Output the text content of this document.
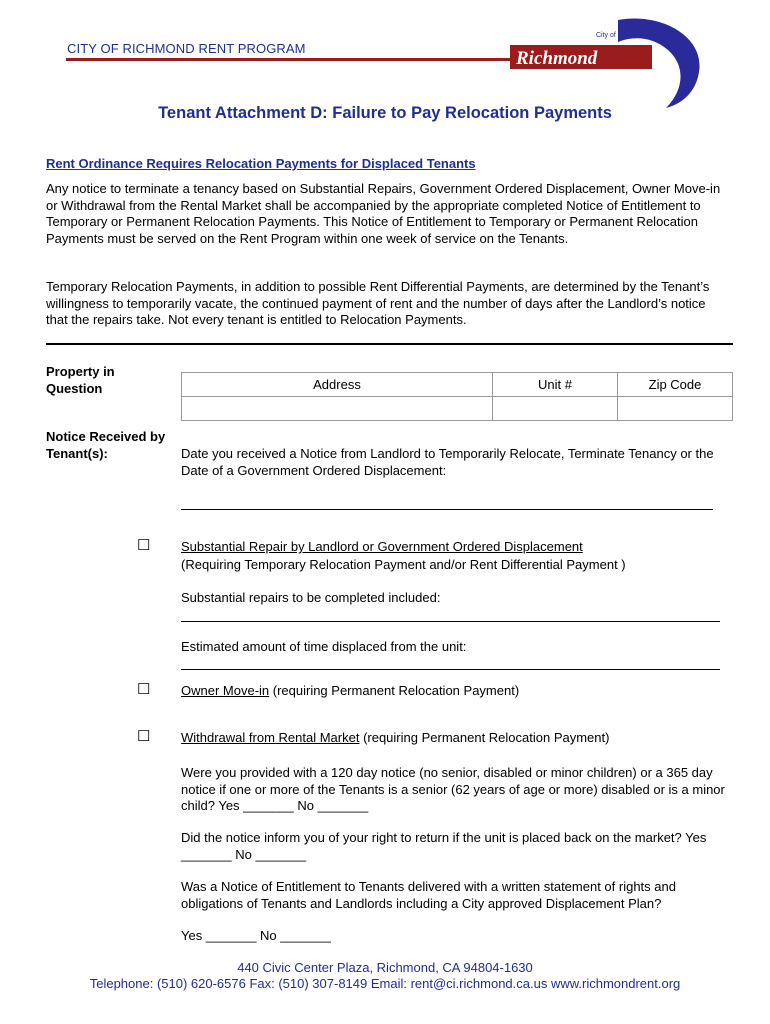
CITY OF RICHMOND RENT PROGRAM
City of
Richmond
Tenant Attachment D: Failure to Pay Relocation Payments
Rent Ordinance Requires Relocation Payments for Displaced Tenants
Any notice to terminate a tenancy based on Substantial Repairs, Government Ordered Displacement, Owner Move-in or Withdrawal from the Rental Market shall be accompanied by the appropriate completed Notice of Entitlement to Temporary or Permanent Relocation Payments. This Notice of Entitlement to Temporary or Permanent Relocation Payments must be served on the Rent Program within one week of service on the Tenants.
Temporary Relocation Payments, in addition to possible Rent Differential Payments, are determined by the Tenant’s willingness to temporarily vacate, the continued payment of rent and the number of days after the Landlord’s notice that the repairs take. Not every tenant is entitled to Relocation Payments.
Property in Question	Address	Unit #	Zip Code

Notice Received by Tenant(s):	Date you received a Notice from Landlord to Temporarily Relocate, Terminate Tenancy or the Date of a Government Ordered Displacement:
☐ Substantial Repair by Landlord or Government Ordered Displacement
(Requiring Temporary Relocation Payment and/or Rent Differential Payment )
Substantial repairs to be completed included:
Estimated amount of time displaced from the unit:
☐ Owner Move-in (requiring Permanent Relocation Payment)
☐ Withdrawal from Rental Market (requiring Permanent Relocation Payment)
Were you provided with a 120 day notice (no senior, disabled or minor children) or a 365 day notice if one or more of the Tenants is a senior (62 years of age or more) disabled or is a minor child? Yes _______ No _______
Did the notice inform you of your right to return if the unit is placed back on the market? Yes _______ No _______
Was a Notice of Entitlement to Tenants delivered with a written statement of rights and obligations of Tenants and Landlords including a City approved Displacement Plan?
Yes _______ No _______
440 Civic Center Plaza, Richmond, CA 94804-1630
Telephone: (510) 620-6576 Fax: (510) 307-8149 Email: rent@ci.richmond.ca.us www.richmondrent.org
